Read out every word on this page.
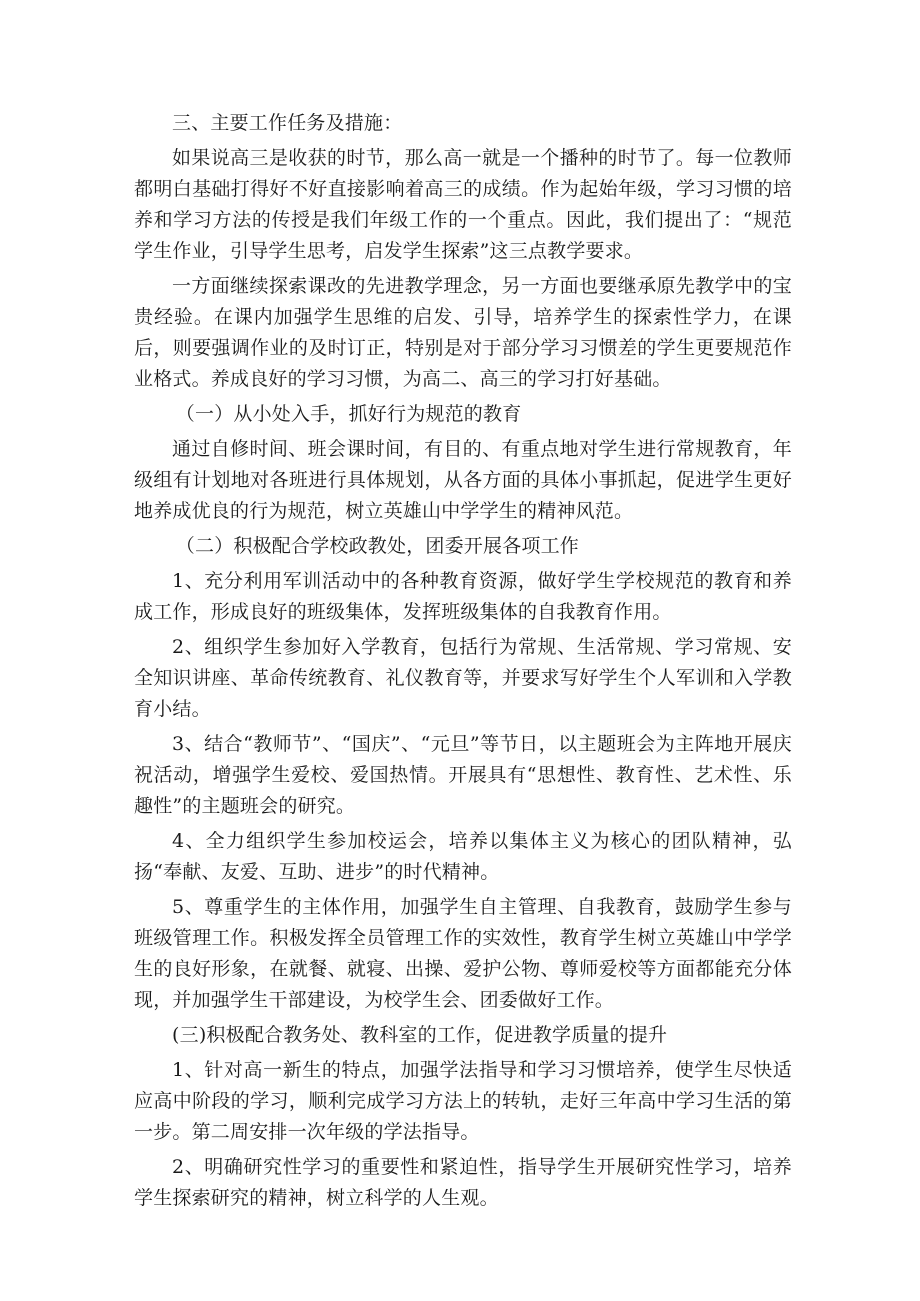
三、主要工作任务及措施：

如果说高三是收获的时节，那么高一就是一个播种的时节了。每一位教师都明白基础打得好不好直接影响着高三的成绩。作为起始年级，学习习惯的培养和学习方法的传授是我们年级工作的一个重点。因此，我们提出了：“规范学生作业，引导学生思考，启发学生探索”这三点教学要求。

一方面继续探索课改的先进教学理念，另一方面也要继承原先教学中的宝贵经验。在课内加强学生思维的启发、引导，培养学生的探索性学力，在课后，则要强调作业的及时订正，特别是对于部分学习习惯差的学生更要规范作业格式。养成良好的学习习惯，为高二、高三的学习打好基础。

（一）从小处入手，抓好行为规范的教育

通过自修时间、班会课时间，有目的、有重点地对学生进行常规教育，年级组有计划地对各班进行具体规划，从各方面的具体小事抓起，促进学生更好地养成优良的行为规范，树立英雄山中学学生的精神风范。

（二）积极配合学校政教处，团委开展各项工作

1、充分利用军训活动中的各种教育资源，做好学生学校规范的教育和养成工作，形成良好的班级集体，发挥班级集体的自我教育作用。

2、组织学生参加好入学教育，包括行为常规、生活常规、学习常规、安全知识讲座、革命传统教育、礼仪教育等，并要求写好学生个人军训和入学教育小结。

3、结合“教师节”、“国庆”、“元旦”等节日，以主题班会为主阵地开展庆祝活动，增强学生爱校、爱国热情。开展具有“思想性、教育性、艺术性、乐趣性”的主题班会的研究。

4、全力组织学生参加校运会，培养以集体主义为核心的团队精神，弘扬“奉献、友爱、互助、进步”的时代精神。

5、尊重学生的主体作用，加强学生自主管理、自我教育，鼓励学生参与班级管理工作。积极发挥全员管理工作的实效性，教育学生树立英雄山中学学生的良好形象，在就餐、就寝、出操、爱护公物、尊师爱校等方面都能充分体现，并加强学生干部建设，为校学生会、团委做好工作。

(三)积极配合教务处、教科室的工作，促进教学质量的提升

1、针对高一新生的特点，加强学法指导和学习习惯培养，使学生尽快适应高中阶段的学习，顺利完成学习方法上的转轨，走好三年高中学习生活的第一步。第二周安排一次年级的学法指导。

2、明确研究性学习的重要性和紧迫性，指导学生开展研究性学习，培养学生探索研究的精神，树立科学的人生观。
